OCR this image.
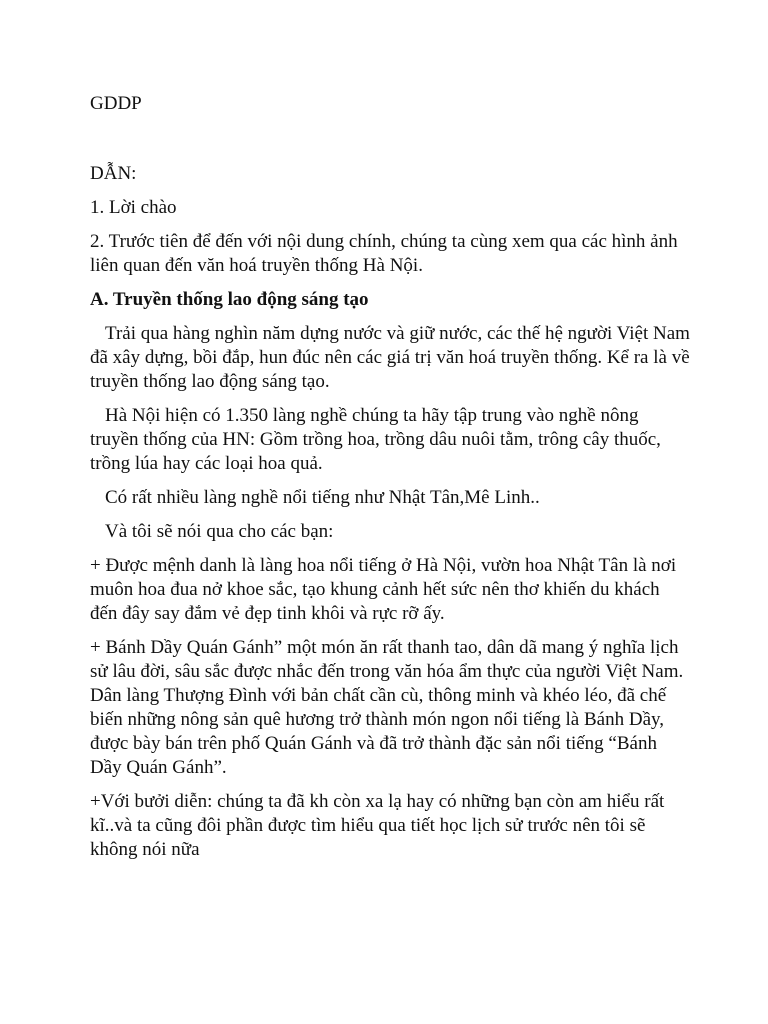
GDDP

DẪN:

1. Lời chào

2. Trước tiên để đến với nội dung chính, chúng ta cùng xem qua các hình ảnh liên quan đến văn hoá truyền thống Hà Nội.

A. Truyền thống lao động sáng tạo

Trải qua hàng nghìn năm dựng nước và giữ nước, các thế hệ người Việt Nam đã xây dựng, bồi đắp, hun đúc nên các giá trị văn hoá truyền thống. Kể ra là về truyền thống lao động sáng tạo.

Hà Nội hiện có 1.350 làng nghề chúng ta hãy tập trung vào nghề nông truyền thống của HN: Gồm trồng hoa, trồng dâu nuôi tằm, trông cây thuốc, trồng lúa hay các loại hoa quả.

Có rất nhiều làng nghề nổi tiếng như Nhật Tân,Mê Linh..

Và tôi sẽ nói qua cho các bạn:

+ Được mệnh danh là làng hoa nổi tiếng ở Hà Nội, vườn hoa Nhật Tân là nơi muôn hoa đua nở khoe sắc, tạo khung cảnh hết sức nên thơ khiến du khách đến đây say đắm vẻ đẹp tinh khôi và rực rỡ ấy.

+ Bánh Dầy Quán Gánh” một món ăn rất thanh tao, dân dã mang ý nghĩa lịch sử lâu đời, sâu sắc được nhắc đến trong văn hóa ẩm thực của người Việt Nam. Dân làng Thượng Đình với bản chất cần cù, thông minh và khéo léo, đã chế biến những nông sản quê hương trở thành món ngon nổi tiếng là Bánh Dầy, được bày bán trên phố Quán Gánh và đã trở thành đặc sản nổi tiếng “Bánh Dầy Quán Gánh”.

+Với bưởi diễn: chúng ta đã kh còn xa lạ hay có những bạn còn am hiểu rất kĩ..và ta cũng đôi phần được tìm hiểu qua tiết học lịch sử trước nên tôi sẽ không nói nữa
